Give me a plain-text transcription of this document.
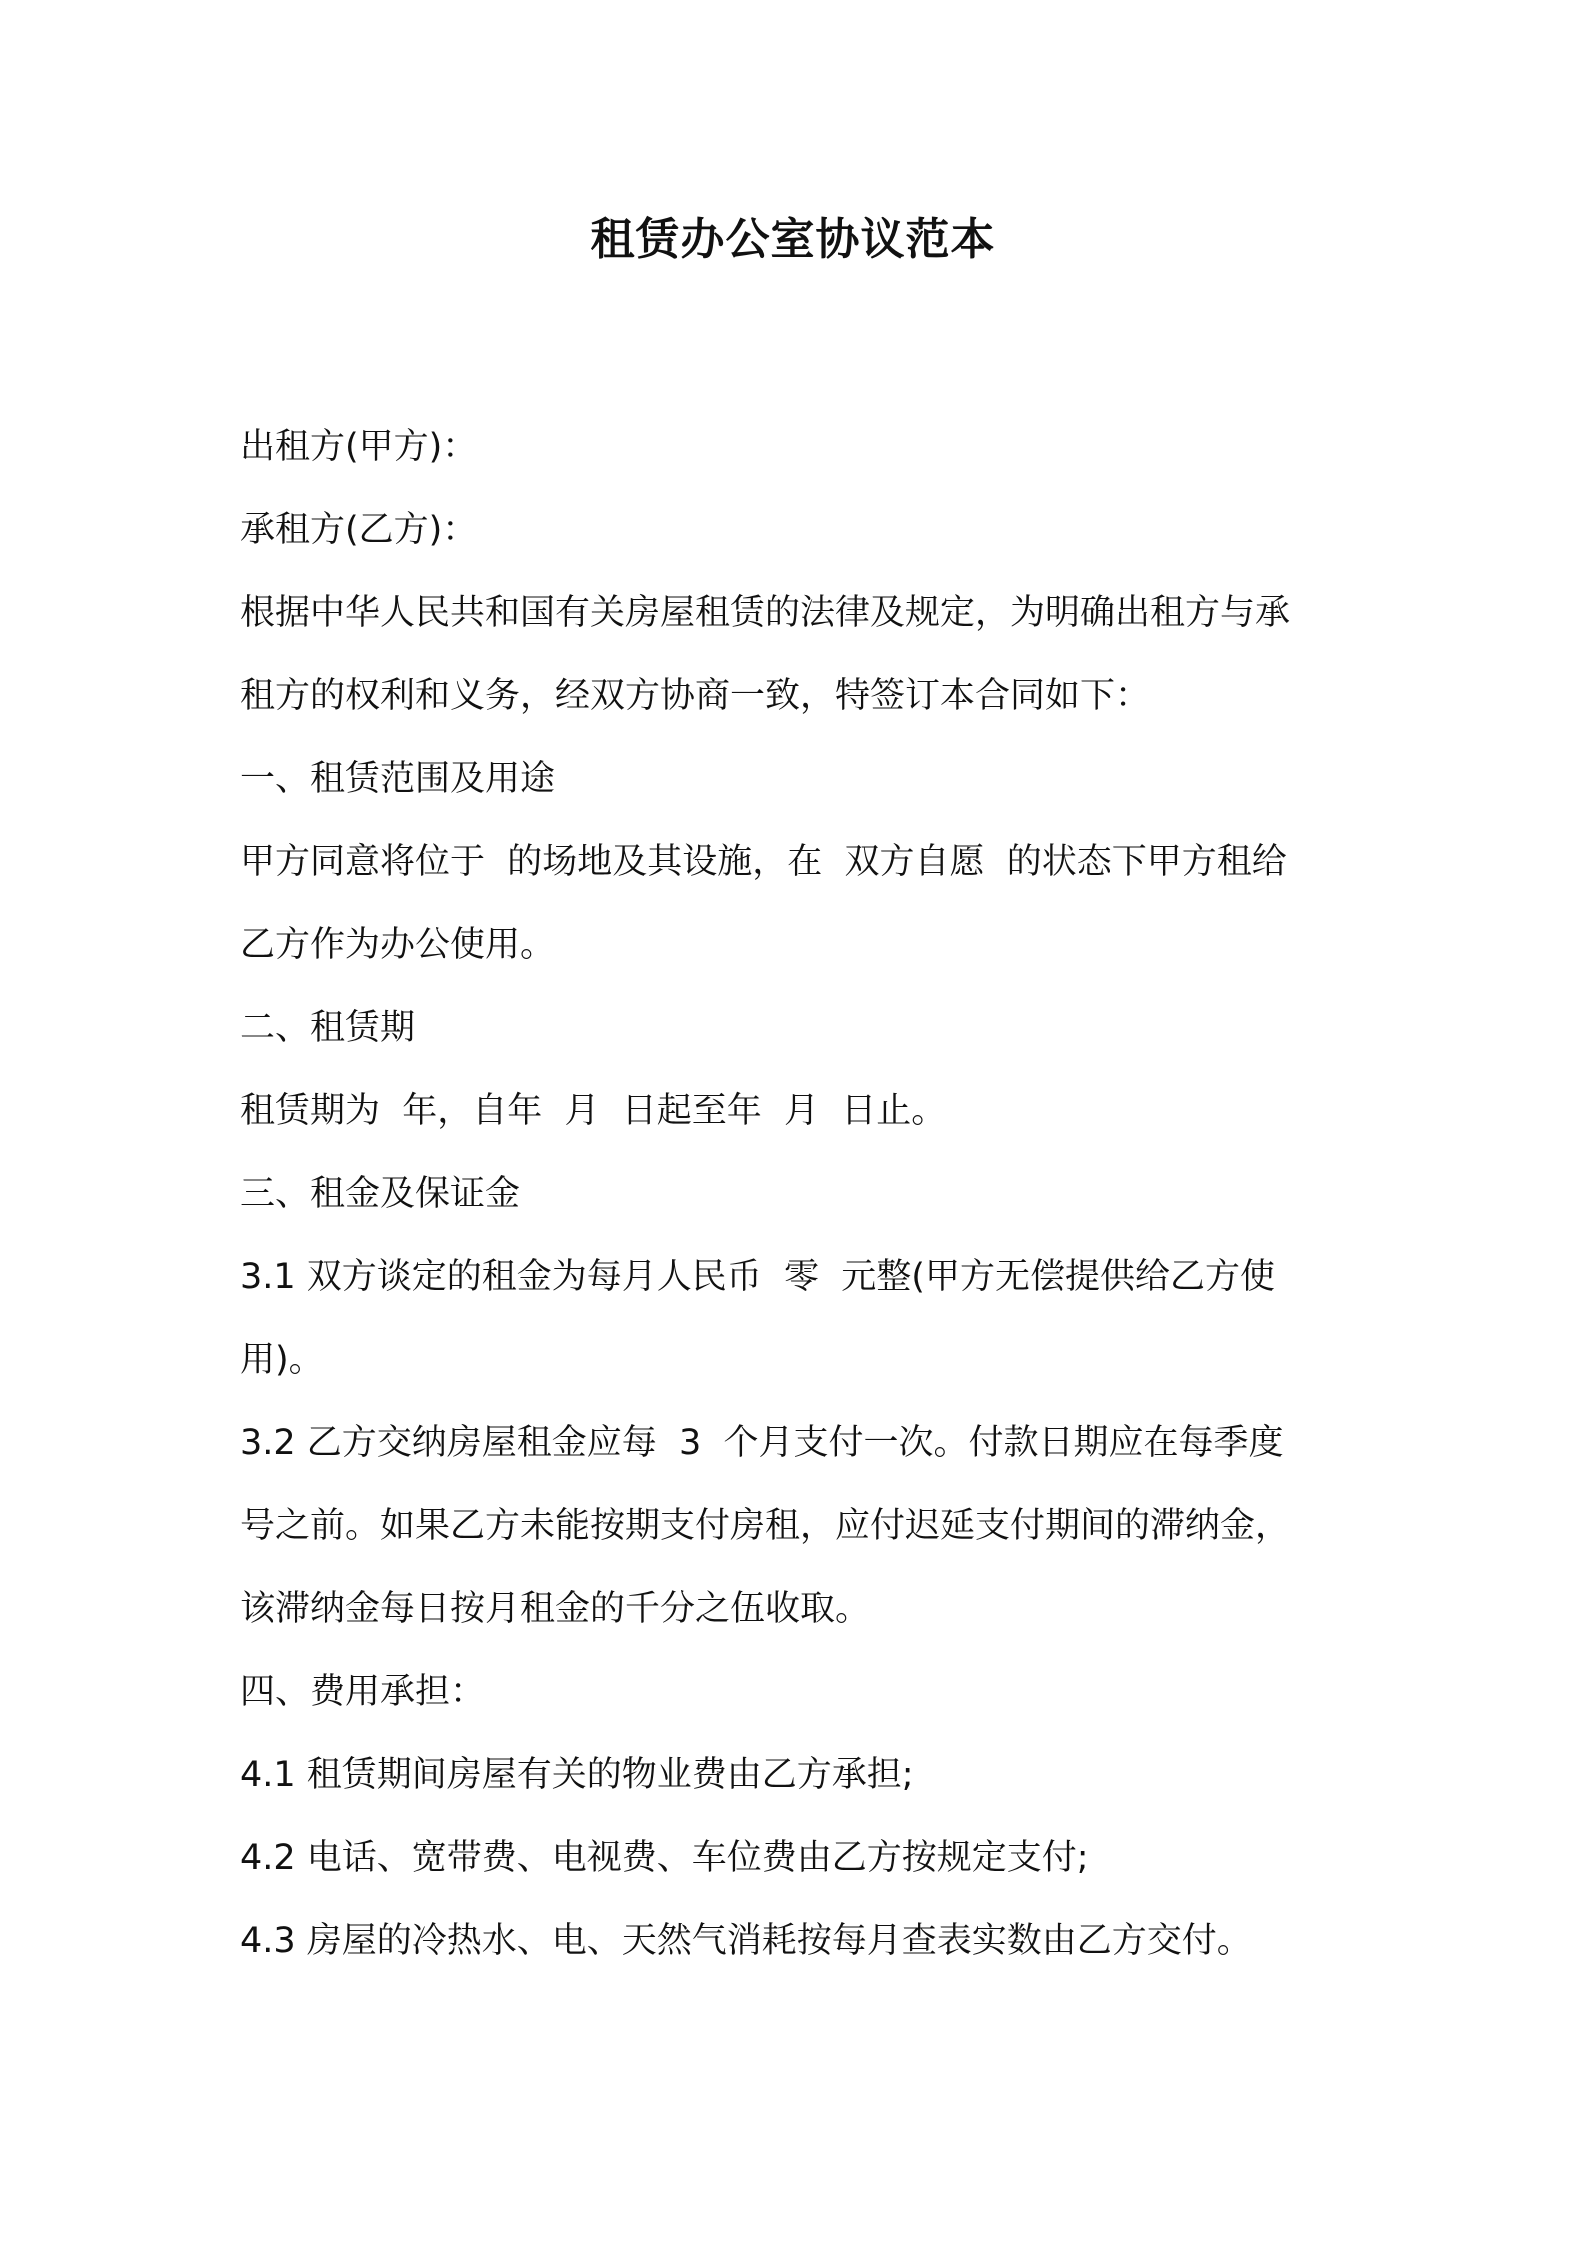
租赁办公室协议范本
出租方(甲方)：
承租方(乙方)：
根据中华人民共和国有关房屋租赁的法律及规定，为明确出租方与承
租方的权利和义务，经双方协商一致，特签订本合同如下：
一、租赁范围及用途
甲方同意将位于  的场地及其设施，在  双方自愿  的状态下甲方租给
乙方作为办公使用。
二、租赁期
租赁期为  年，自年  月  日起至年  月  日止。
三、租金及保证金
3.1 双方谈定的租金为每月人民币  零  元整(甲方无偿提供给乙方使
用)。
3.2 乙方交纳房屋租金应每  3  个月支付一次。付款日期应在每季度
号之前。如果乙方未能按期支付房租，应付迟延支付期间的滞纳金，
该滞纳金每日按月租金的千分之伍收取。
四、费用承担：
4.1 租赁期间房屋有关的物业费由乙方承担;
4.2 电话、宽带费、电视费、车位费由乙方按规定支付;
4.3 房屋的冷热水、电、天然气消耗按每月查表实数由乙方交付。
